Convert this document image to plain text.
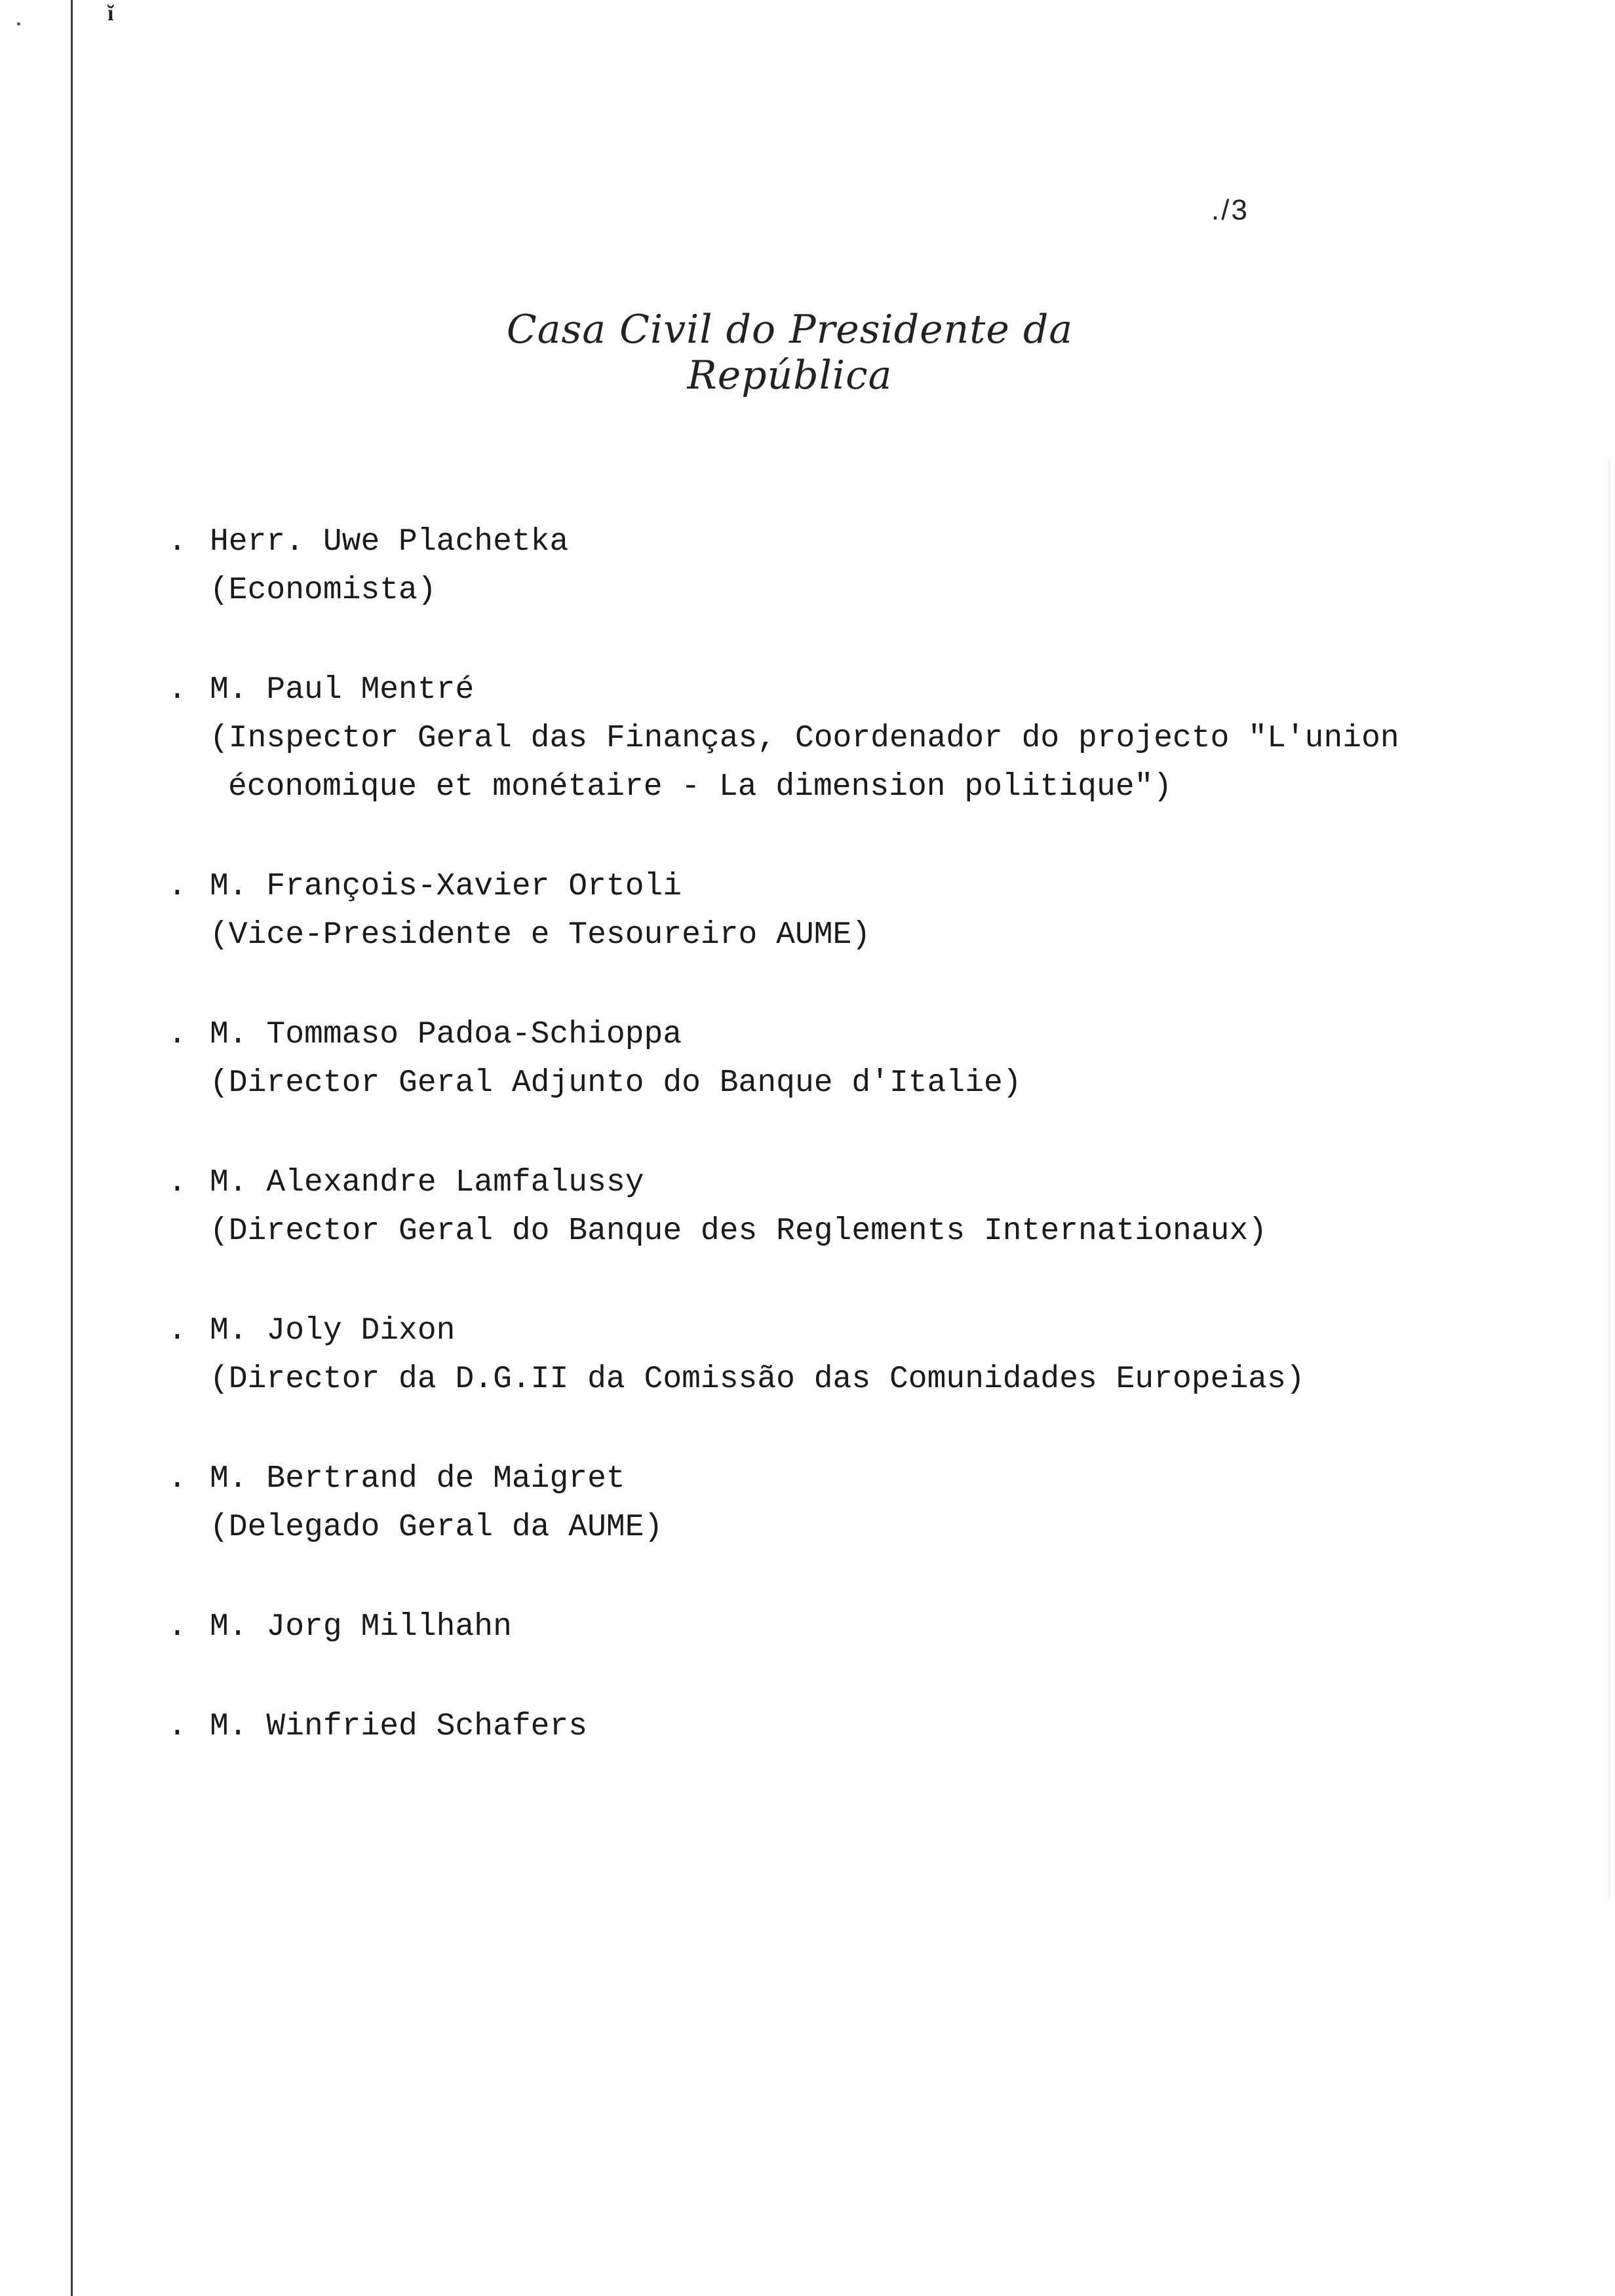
ĭ
./3
Casa Civil do Presidente da República
. Herr. Uwe Plachetka
(Economista)
. M. Paul Mentré
(Inspector Geral das Finanças, Coordenador do projecto "L'union
économique et monétaire - La dimension politique")
. M. François-Xavier Ortoli
(Vice-Presidente e Tesoureiro AUME)
. M. Tommaso Padoa-Schioppa
(Director Geral Adjunto do Banque d'Italie)
. M. Alexandre Lamfalussy
(Director Geral do Banque des Reglements Internationaux)
. M. Joly Dixon
(Director da D.G.II da Comissão das Comunidades Europeias)
. M. Bertrand de Maigret
(Delegado Geral da AUME)
. M. Jorg Millhahn
. M. Winfried Schafers
